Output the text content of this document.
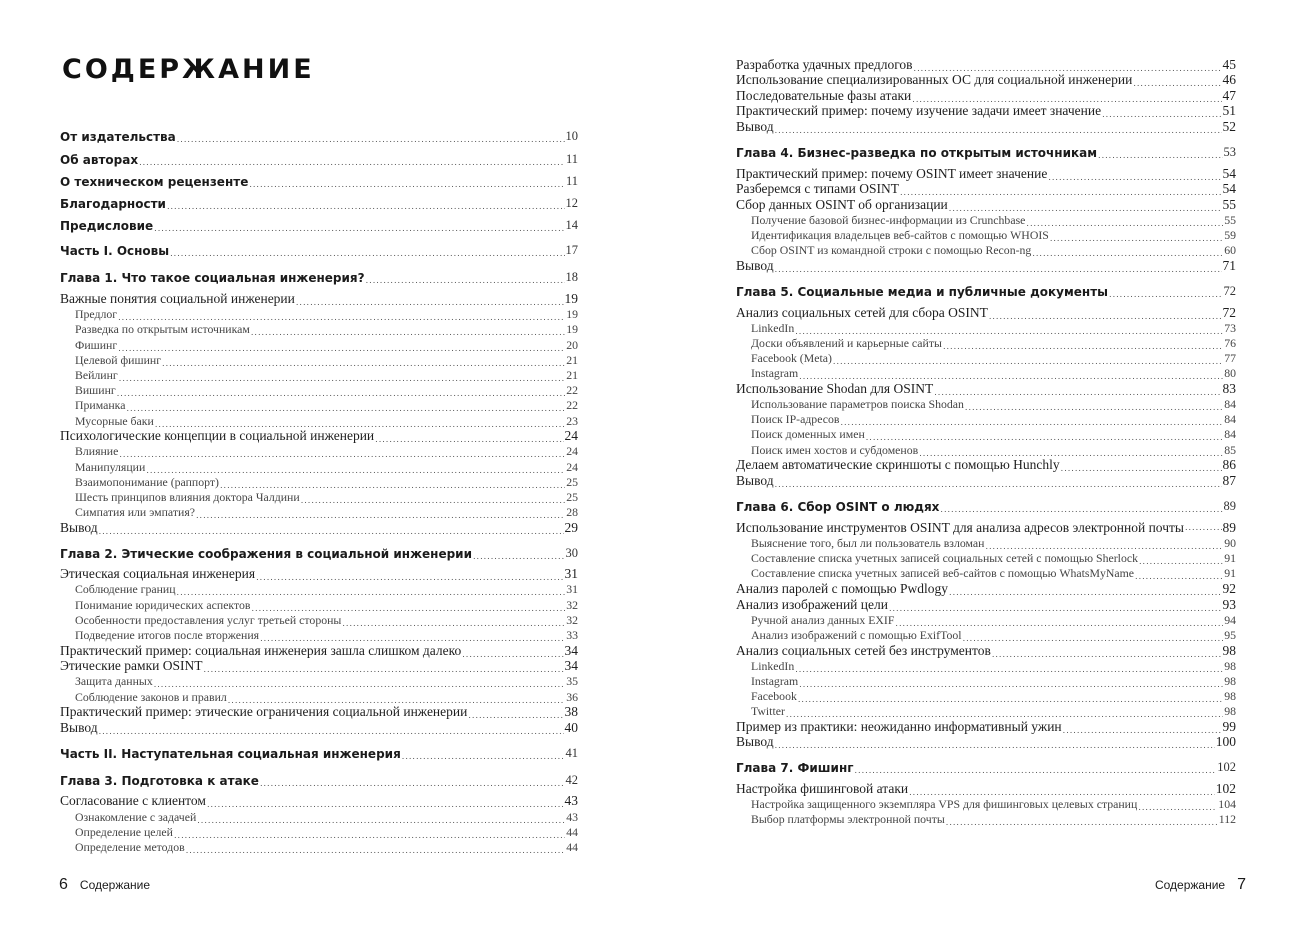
СОДЕРЖАНИЕ
От издательства .....	10
Об авторах .....	11
О техническом рецензенте .....	11
Благодарности .....	12
Предисловие .....	14
Часть I. Основы .....	17
Глава 1. Что такое социальная инженерия? .....	18
Важные понятия социальной инженерии .....	19
Предлог .....	19
Разведка по открытым источникам .....	19
Фишинг .....	20
Целевой фишинг .....	21
Вейлинг .....	21
Вишинг .....	22
Приманка .....	22
Мусорные баки .....	23
Психологические концепции в социальной инженерии .....	24
Влияние .....	24
Манипуляции .....	24
Взаимопонимание (раппорт) .....	25
Шесть принципов влияния доктора Чалдини .....	25
Симпатия или эмпатия? .....	28
Вывод .....	29
Глава 2. Этические соображения в социальной инженерии .....	30
Этическая социальная инженерия .....	31
Соблюдение границ .....	31
Понимание юридических аспектов .....	32
Особенности предоставления услуг третьей стороны .....	32
Подведение итогов после вторжения .....	33
Практический пример: социальная инженерия зашла слишком далеко .....	34
Этические рамки OSINT .....	34
Защита данных .....	35
Соблюдение законов и правил .....	36
Практический пример: этические ограничения социальной инженерии .....	38
Вывод .....	40
Часть II. Наступательная социальная инженерия .....	41
Глава 3. Подготовка к атаке .....	42
Согласование с клиентом .....	43
Ознакомление с задачей .....	43
Определение целей .....	44
Определение методов .....	44
6 Содержание
Разработка удачных предлогов .....	45
Использование специализированных ОС для социальной инженерии .....	46
Последовательные фазы атаки .....	47
Практический пример: почему изучение задачи имеет значение .....	51
Вывод .....	52
Глава 4. Бизнес-разведка по открытым источникам .....	53
Практический пример: почему OSINT имеет значение .....	54
Разберемся с типами OSINT .....	54
Сбор данных OSINT об организации .....	55
Получение базовой бизнес-информации из Crunchbase .....	55
Идентификация владельцев веб-сайтов с помощью WHOIS .....	59
Сбор OSINT из командной строки с помощью Recon-ng .....	60
Вывод .....	71
Глава 5. Социальные медиа и публичные документы .....	72
Анализ социальных сетей для сбора OSINT .....	72
LinkedIn .....	73
Доски объявлений и карьерные сайты .....	76
Facebook (Meta) .....	77
Instagram .....	80
Использование Shodan для OSINT .....	83
Использование параметров поиска Shodan .....	84
Поиск IP-адресов .....	84
Поиск доменных имен .....	84
Поиск имен хостов и субдоменов .....	85
Делаем автоматические скриншоты с помощью Hunchly .....	86
Вывод .....	87
Глава 6. Сбор OSINT о людях .....	89
Использование инструментов OSINT для анализа адресов электронной почты .....	89
Выяснение того, был ли пользователь взломан .....	90
Составление списка учетных записей социальных сетей с помощью Sherlock .....	91
Составление списка учетных записей веб-сайтов с помощью WhatsMyName .....	91
Анализ паролей с помощью Pwdlogy .....	92
Анализ изображений цели .....	93
Ручной анализ данных EXIF .....	94
Анализ изображений с помощью ExifTool .....	95
Анализ социальных сетей без инструментов .....	98
LinkedIn .....	98
Instagram .....	98
Facebook .....	98
Twitter .....	98
Пример из практики: неожиданно информативный ужин .....	99
Вывод .....	100
Глава 7. Фишинг .....	102
Настройка фишинговой атаки .....	102
Настройка защищенного экземпляра VPS для фишинговых целевых страниц .....	104
Выбор платформы электронной почты .....	112
Содержание 7
